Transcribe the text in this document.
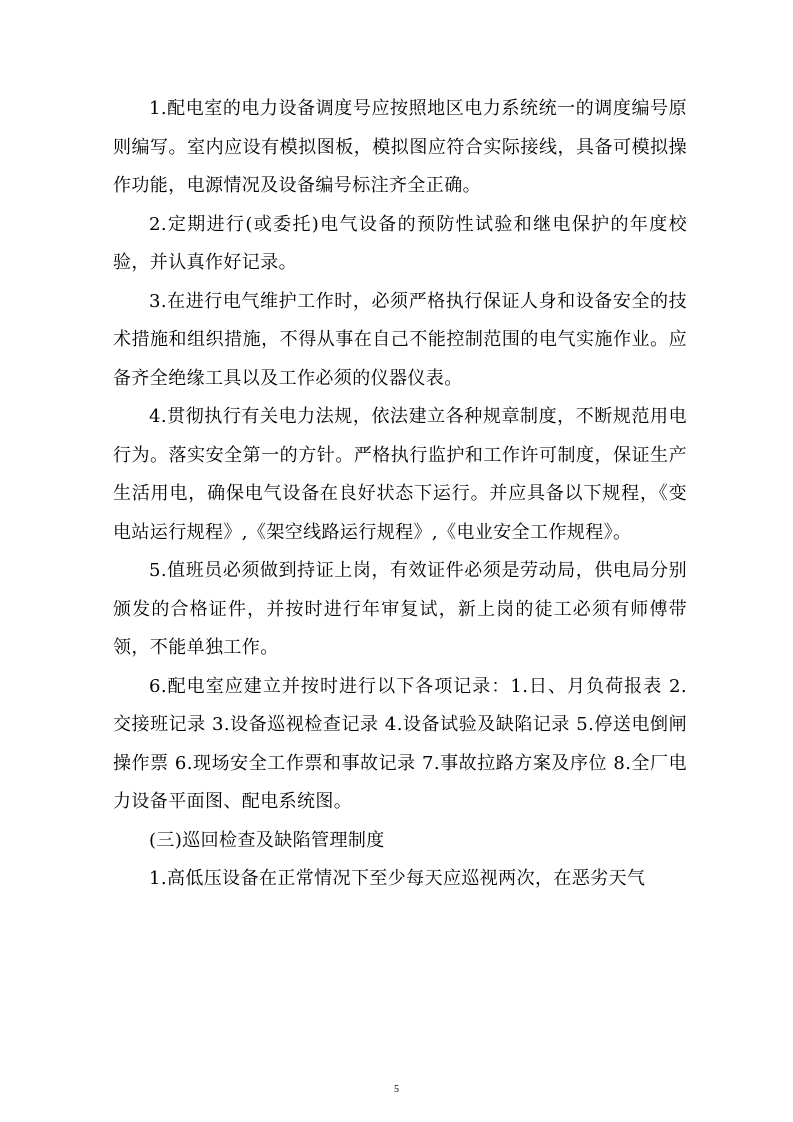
1.配电室的电力设备调度号应按照地区电力系统统一的调度编号原则编写。室内应设有模拟图板，模拟图应符合实际接线，具备可模拟操作功能，电源情况及设备编号标注齐全正确。

2.定期进行(或委托)电气设备的预防性试验和继电保护的年度校验，并认真作好记录。

3.在进行电气维护工作时，必须严格执行保证人身和设备安全的技术措施和组织措施，不得从事在自己不能控制范围的电气实施作业。应备齐全绝缘工具以及工作必须的仪器仪表。

4.贯彻执行有关电力法规，依法建立各种规章制度，不断规范用电行为。落实安全第一的方针。严格执行监护和工作许可制度，保证生产生活用电，确保电气设备在良好状态下运行。并应具备以下规程，《变电站运行规程》,《架空线路运行规程》,《电业安全工作规程》。

5.值班员必须做到持证上岗，有效证件必须是劳动局，供电局分别颁发的合格证件，并按时进行年审复试，新上岗的徒工必须有师傅带领，不能单独工作。

6.配电室应建立并按时进行以下各项记录：1.日、月负荷报表 2.交接班记录 3.设备巡视检查记录 4.设备试验及缺陷记录 5.停送电倒闸操作票 6.现场安全工作票和事故记录 7.事故拉路方案及序位 8.全厂电力设备平面图、配电系统图。

(三)巡回检查及缺陷管理制度

1.高低压设备在正常情况下至少每天应巡视两次，在恶劣天气

5
